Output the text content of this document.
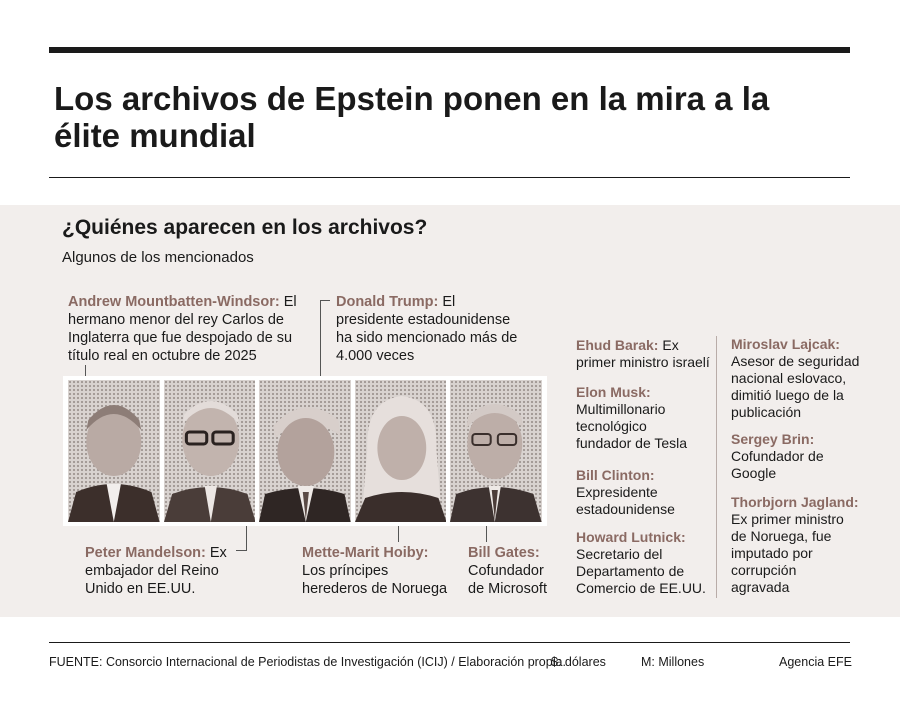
Los archivos de Epstein ponen en la mira a la élite mundial
¿Quiénes aparecen en los archivos?
Algunos de los mencionados
Andrew Mountbatten-Windsor: El hermano menor del rey Carlos de Inglaterra que fue despojado de su título real en octubre de 2025
Donald Trump: El presidente estadounidense ha sido mencionado más de 4.000 veces
Peter Mandelson: Ex embajador del Reino Unido en EE.UU.
Mette-Marit Hoiby: Los príncipes herederos de Noruega
Bill Gates: Cofundador de Microsoft
Ehud Barak: Ex primer ministro israelí
Elon Musk:
Multimillonario tecnológico fundador de Tesla
Bill Clinton:
Expresidente estadounidense
Howard Lutnick:
Secretario del Departamento de Comercio de EE.UU.
Miroslav Lajcak:
Asesor de seguridad nacional eslovaco, dimitió luego de la publicación
Sergey Brin:
Cofundador de Google
Thorbjorn Jagland:
Ex primer ministro de Noruega, fue imputado por corrupción agravada
FUENTE: Consorcio Internacional de Periodistas de Investigación (ICIJ) / Elaboración propia.
$: dólares	M: Millones	Agencia EFE
